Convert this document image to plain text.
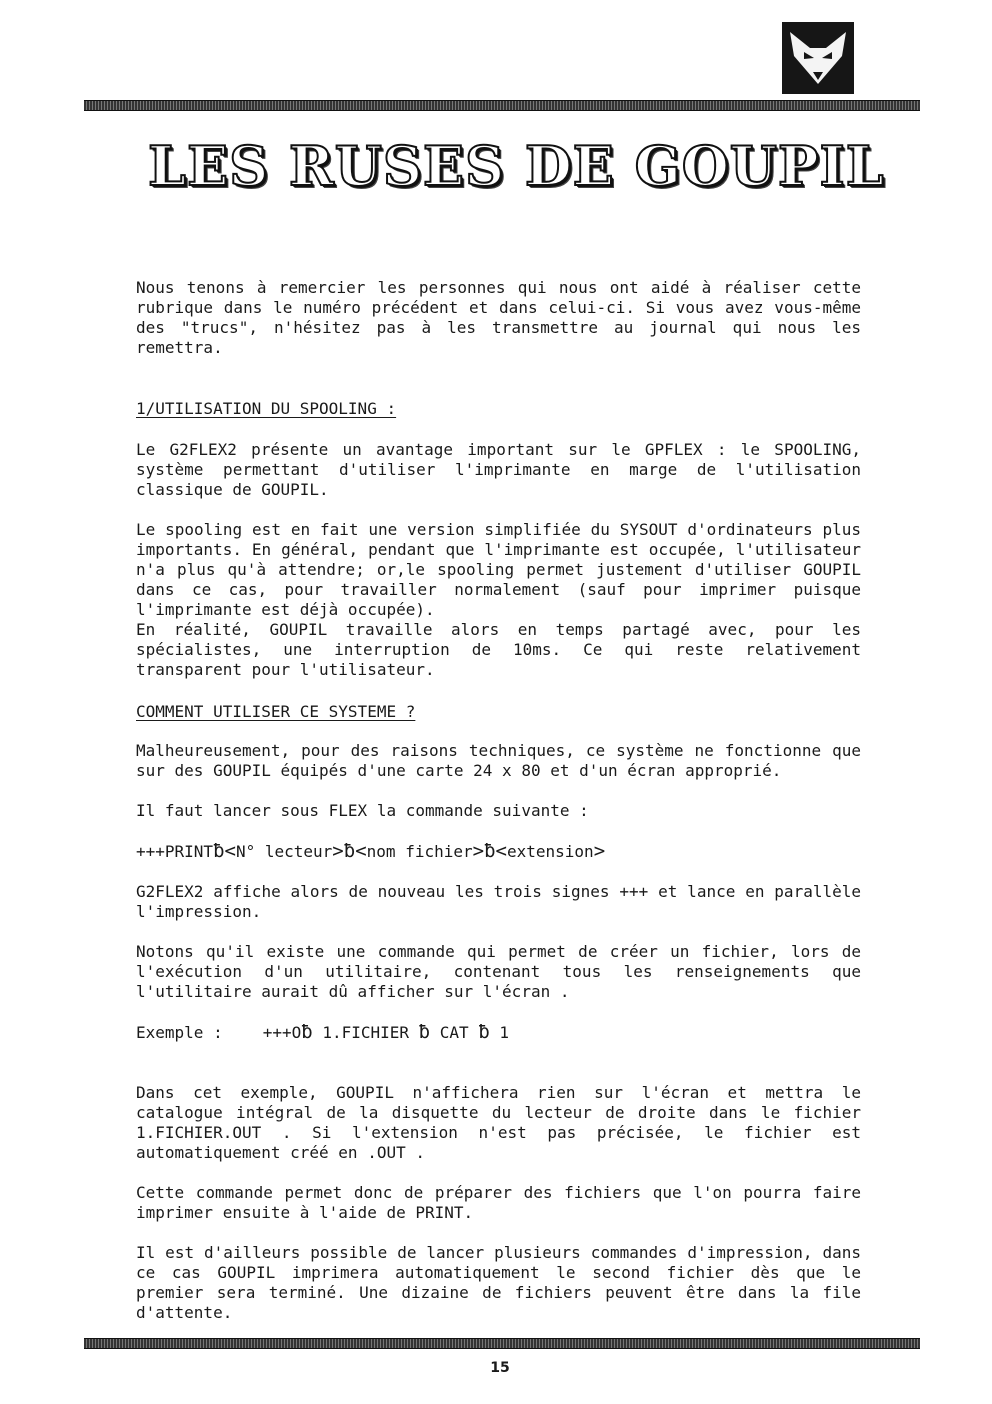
LES RUSES DE GOUPIL

Nous tenons à remercier les personnes qui nous ont aidé à réaliser cette rubrique dans le numéro précédent et dans celui-ci. Si vous avez vous-même des "trucs", n'hésitez pas à les transmettre au journal qui nous les remettra.

1/UTILISATION DU SPOOLING :

Le G2FLEX2 présente un avantage important sur le GPFLEX : le SPOOLING, système permettant d'utiliser l'imprimante en marge de l'utilisation classique de GOUPIL.

Le spooling est en fait une version simplifiée du SYSOUT d'ordinateurs plus importants. En général, pendant que l'imprimante est occupée, l'utilisateur n'a plus qu'à attendre; or,le spooling permet justement d'utiliser GOUPIL dans ce cas, pour travailler normalement (sauf pour imprimer puisque l'imprimante est déjà occupée).

En réalité, GOUPIL travaille alors en temps partagé avec, pour les spécialistes, une interruption de 10ms. Ce qui reste relativement transparent pour l'utilisateur.

COMMENT UTILISER CE SYSTEME ?

Malheureusement, pour des raisons techniques, ce système ne fonctionne que sur des GOUPIL équipés d'une carte 24 x 80 et d'un écran approprié.

Il faut lancer sous FLEX la commande suivante :

+++PRINTƀ<N° lecteur>ƀ<nom fichier>ƀ<extension>

G2FLEX2 affiche alors de nouveau les trois signes +++ et lance en parallèle l'impression.

Notons qu'il existe une commande qui permet de créer un fichier, lors de l'exécution d'un utilitaire, contenant tous les renseignements que l'utilitaire aurait dû afficher sur l'écran .

Exemple :	+++Oƀ 1.FICHIER ƀ CAT ƀ 1

Dans cet exemple, GOUPIL n'affichera rien sur l'écran et mettra le catalogue intégral de la disquette du lecteur de droite dans le fichier 1.FICHIER.OUT . Si l'extension n'est pas précisée, le fichier est automatiquement créé en .OUT .

Cette commande permet donc de préparer des fichiers que l'on pourra faire imprimer ensuite à l'aide de PRINT.

Il est d'ailleurs possible de lancer plusieurs commandes d'impression, dans ce cas GOUPIL imprimera automatiquement le second fichier dès que le premier sera terminé. Une dizaine de fichiers peuvent être dans la file d'attente.

15
